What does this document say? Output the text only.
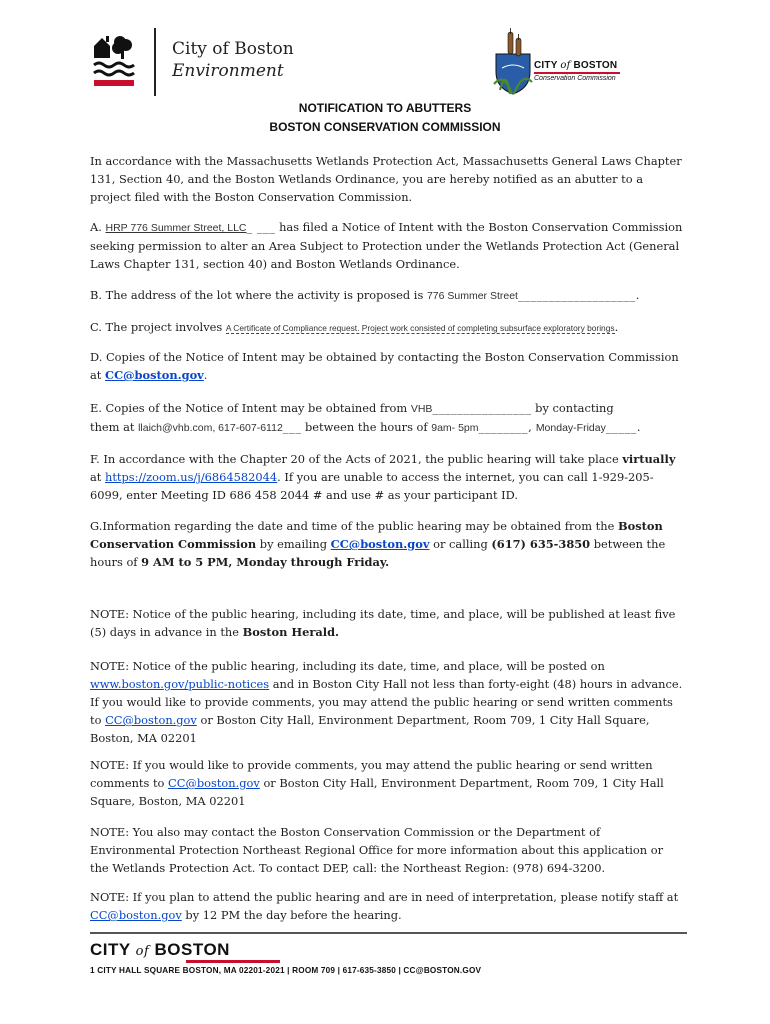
City of Boston
Environment	CITY of BOSTON
Conservation Commission
NOTIFICATION TO ABUTTERS
BOSTON CONSERVATION COMMISSION
In accordance with the Massachusetts Wetlands Protection Act, Massachusetts General Laws Chapter 131, Section 40, and the Boston Wetlands Ordinance, you are hereby notified as an abutter to a project filed with the Boston Conservation Commission.
A. HRP 776 Summer Street, LLC_ ___ has filed a Notice of Intent with the Boston Conservation Commission seeking permission to alter an Area Subject to Protection under the Wetlands Protection Act (General Laws Chapter 131, section 40) and Boston Wetlands Ordinance.
B. The address of the lot where the activity is proposed is 776 Summer Street___________________.
C. The project involves A Certificate of Compliance request. Project work consisted of completing subsurface exploratory borings.
D. Copies of the Notice of Intent may be obtained by contacting the Boston Conservation Commission at CC@boston.gov.
E. Copies of the Notice of Intent may be obtained from VHB________________ by contacting
them at llaich@vhb.com, 617-607-6112___ between the hours of 9am- 5pm________, Monday-Friday_____.
F. In accordance with the Chapter 20 of the Acts of 2021, the public hearing will take place virtually at https://zoom.us/j/6864582044. If you are unable to access the internet, you can call 1-929-205-6099, enter Meeting ID 686 458 2044 # and use # as your participant ID.
G.Information regarding the date and time of the public hearing may be obtained from the Boston Conservation Commission by emailing CC@boston.gov or calling (617) 635-3850 between the hours of 9 AM to 5 PM, Monday through Friday.
NOTE: Notice of the public hearing, including its date, time, and place, will be published at least five (5) days in advance in the Boston Herald.
NOTE: Notice of the public hearing, including its date, time, and place, will be posted on www.boston.gov/public-notices and in Boston City Hall not less than forty-eight (48) hours in advance. If you would like to provide comments, you may attend the public hearing or send written comments to CC@boston.gov or Boston City Hall, Environment Department, Room 709, 1 City Hall Square, Boston, MA 02201
NOTE: If you would like to provide comments, you may attend the public hearing or send written comments to CC@boston.gov or Boston City Hall, Environment Department, Room 709, 1 City Hall Square, Boston, MA 02201
NOTE: You also may contact the Boston Conservation Commission or the Department of Environmental Protection Northeast Regional Office for more information about this application or the Wetlands Protection Act. To contact DEP, call: the Northeast Region: (978) 694-3200.
NOTE: If you plan to attend the public hearing and are in need of interpretation, please notify staff at CC@boston.gov by 12 PM the day before the hearing.
CITY of BOSTON
1 CITY HALL SQUARE BOSTON, MA 02201-2021 | ROOM 709 | 617-635-3850 | CC@BOSTON.GOV
